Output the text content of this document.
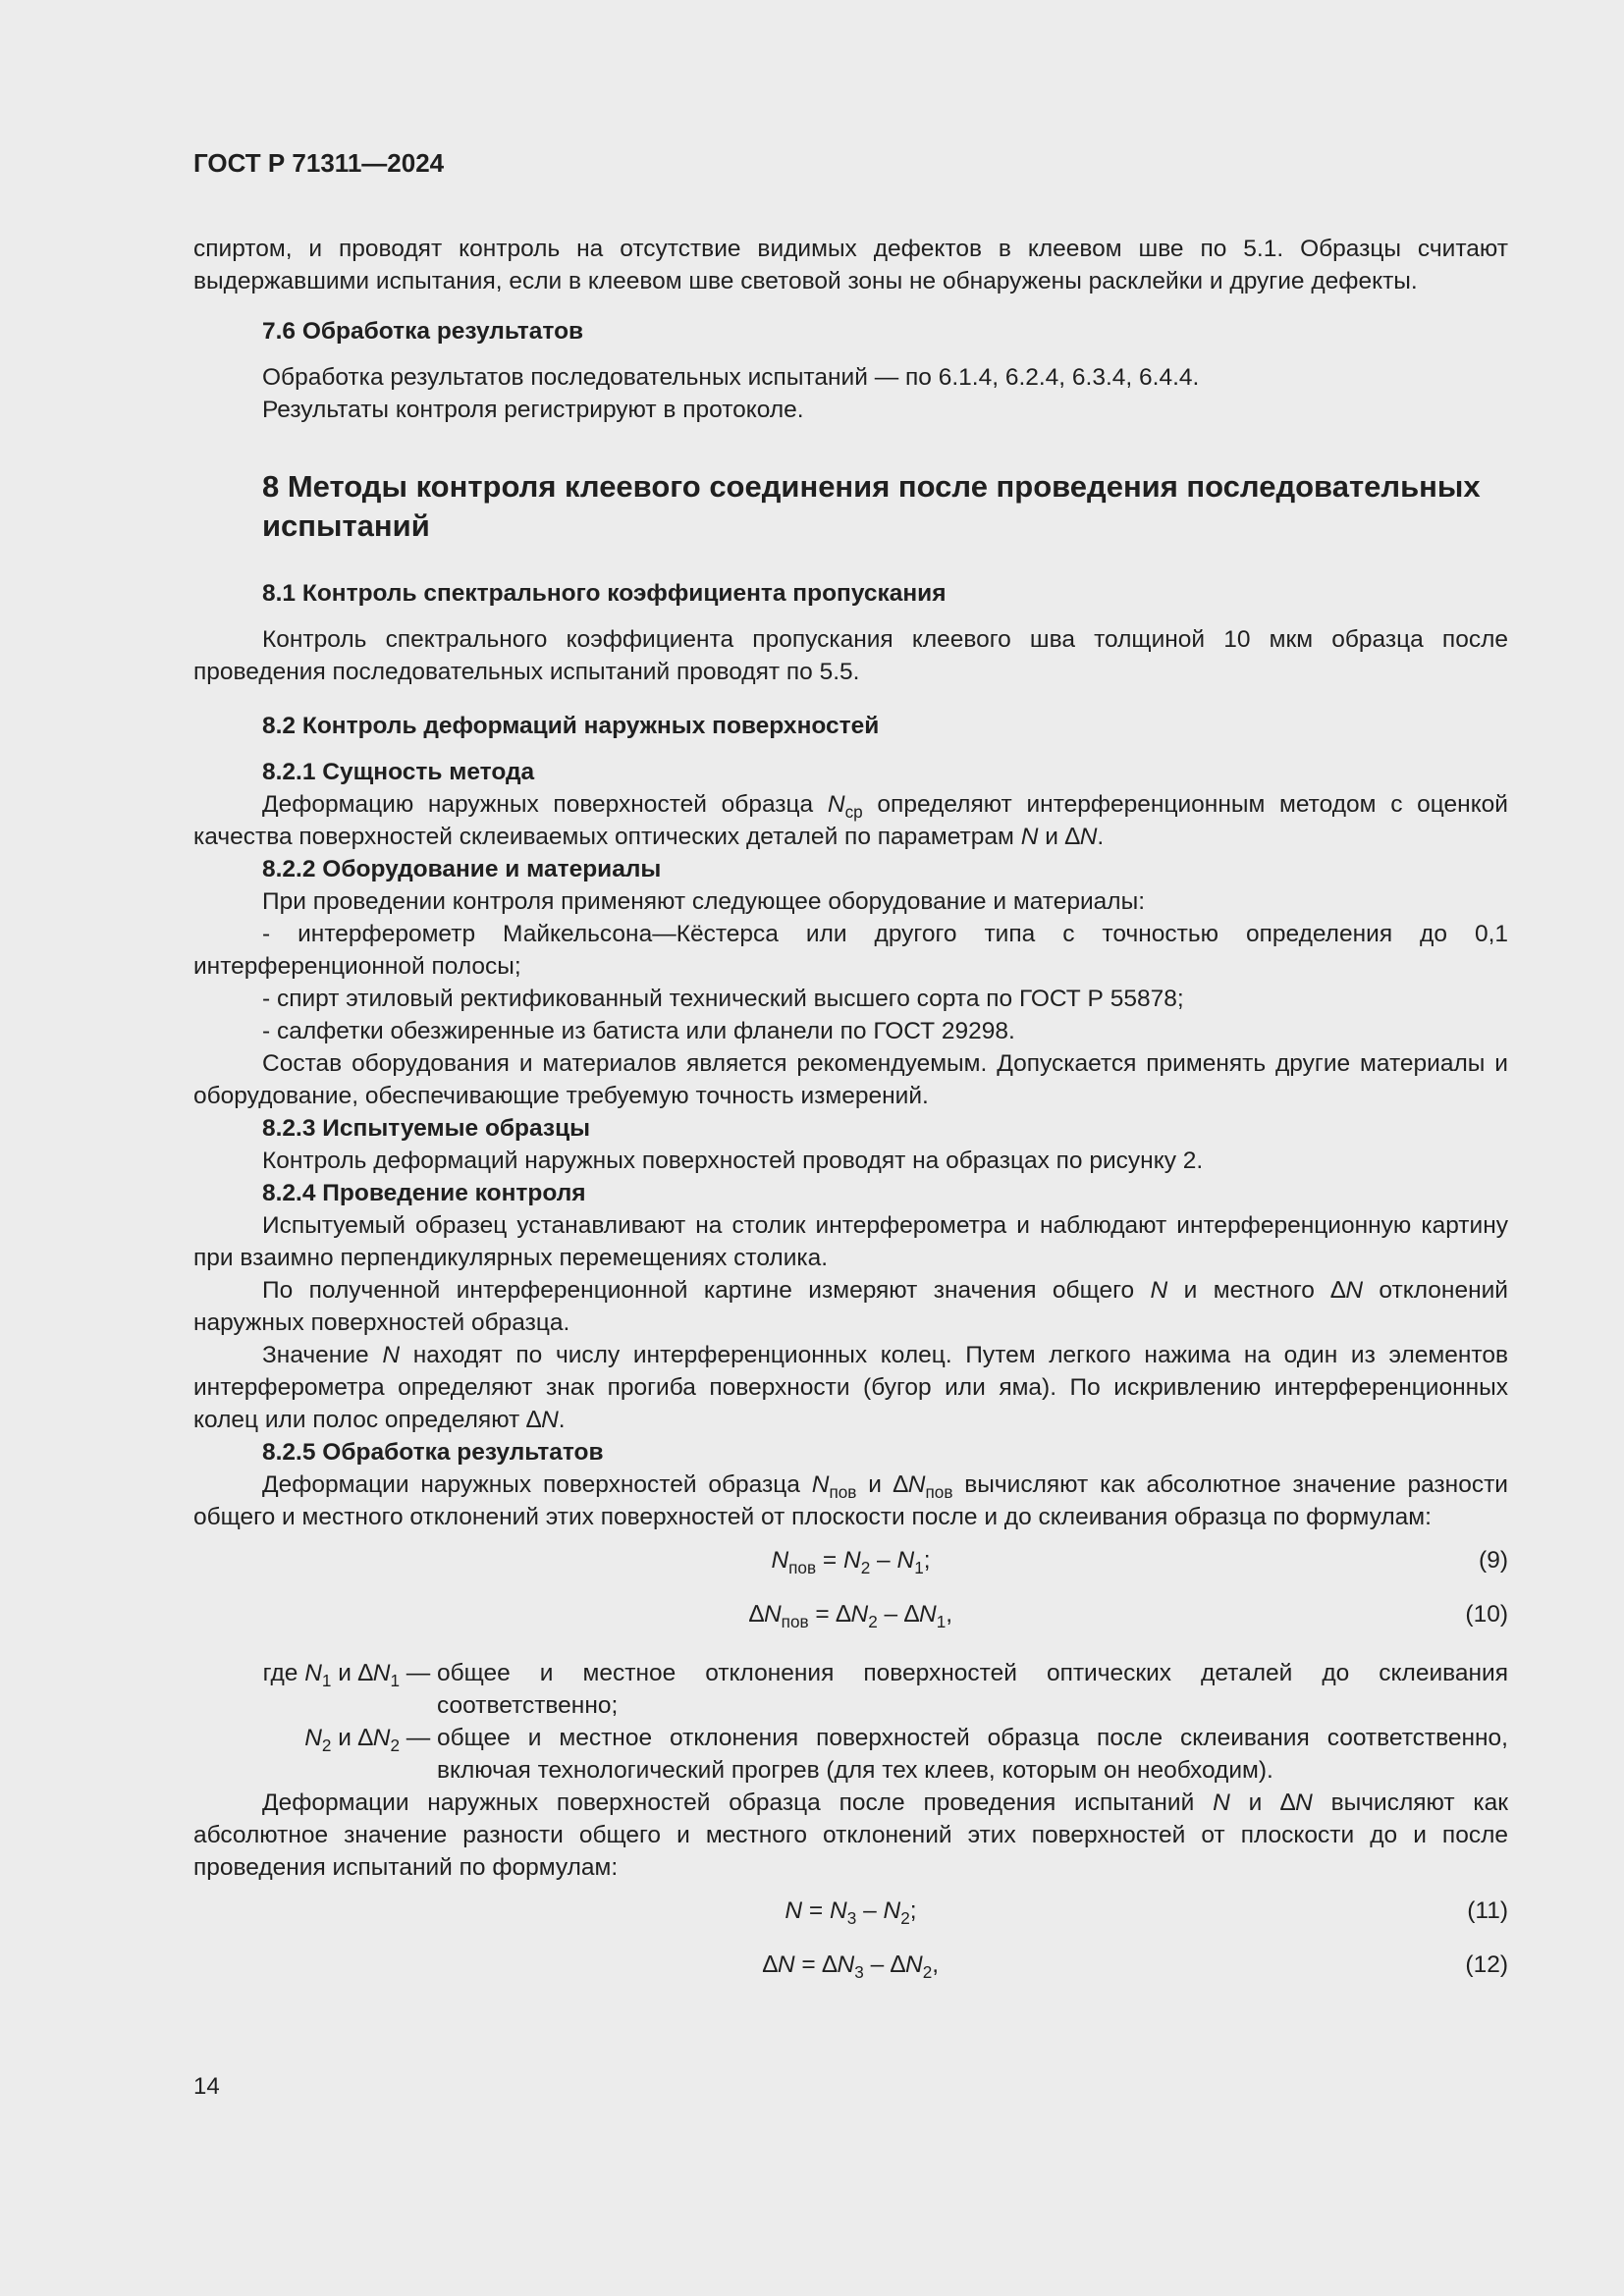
ГОСТ Р 71311—2024

спиртом, и проводят контроль на отсутствие видимых дефектов в клеевом шве по 5.1. Образцы считают выдержавшими испытания, если в клеевом шве световой зоны не обнаружены расклейки и другие дефекты.

7.6 Обработка результатов

Обработка результатов последовательных испытаний — по 6.1.4, 6.2.4, 6.3.4, 6.4.4.

Результаты контроля регистрируют в протоколе.

8 Методы контроля клеевого соединения после проведения последовательных испытаний
8.1 Контроль спектрального коэффициента пропускания

Контроль спектрального коэффициента пропускания клеевого шва толщиной 10 мкм образца после проведения последовательных испытаний проводят по 5.5.

8.2 Контроль деформаций наружных поверхностей
8.2.1 Сущность метода

Деформацию наружных поверхностей образца $N_{ср}$ определяют интерференционным методом с оценкой качества поверхностей склеиваемых оптических деталей по параметрам N и ∆N.

8.2.2 Оборудование и материалы

При проведении контроля применяют следующее оборудование и материалы:

- интерферометр Майкельсона—Кёстерса или другого типа с точностью определения до 0,1 интерференционной полосы;

- спирт этиловый ректификованный технический высшего сорта по ГОСТ Р 55878;

- салфетки обезжиренные из батиста или фланели по ГОСТ 29298.

Состав оборудования и материалов является рекомендуемым. Допускается применять другие материалы и оборудование, обеспечивающие требуемую точность измерений.

8.2.3 Испытуемые образцы

Контроль деформаций наружных поверхностей проводят на образцах по рисунку 2.

8.2.4 Проведение контроля

Испытуемый образец устанавливают на столик интерферометра и наблюдают интерференционную картину при взаимно перпендикулярных перемещениях столика.

По полученной интерференционной картине измеряют значения общего N и местного ∆N отклонений наружных поверхностей образца.

Значение N находят по числу интерференционных колец. Путем легкого нажима на один из элементов интерферометра определяют знак прогиба поверхности (бугор или яма). По искривлению интерференционных колец или полос определяют ∆N.

8.2.5 Обработка результатов

Деформации наружных поверхностей образца $N_{пов}$ и $\Delta N_{пов}$ вычисляют как абсолютное значение разности общего и местного отклонений этих поверхностей от плоскости после и до склеивания образца по формулам:

$N_{пов} = N_2 - N_1$;	(9)
$\Delta N_{пов} = \Delta N_2 - \Delta N_1$,	(10)
где $N_1$ и $\Delta N_1$ — общее и местное отклонения поверхностей оптических деталей до склеивания соответственно;
$N_2$ и $\Delta N_2$ — общее и местное отклонения поверхностей образца после склеивания соответственно, включая технологический прогрев (для тех клеев, которым он необходим).

Деформации наружных поверхностей образца после проведения испытаний N и ∆N вычисляют как абсолютное значение разности общего и местного отклонений этих поверхностей от плоскости до и после проведения испытаний по формулам:

$N = N_3 - N_2$;	(11)
$\Delta N = \Delta N_3 - \Delta N_2$,	(12)
14
